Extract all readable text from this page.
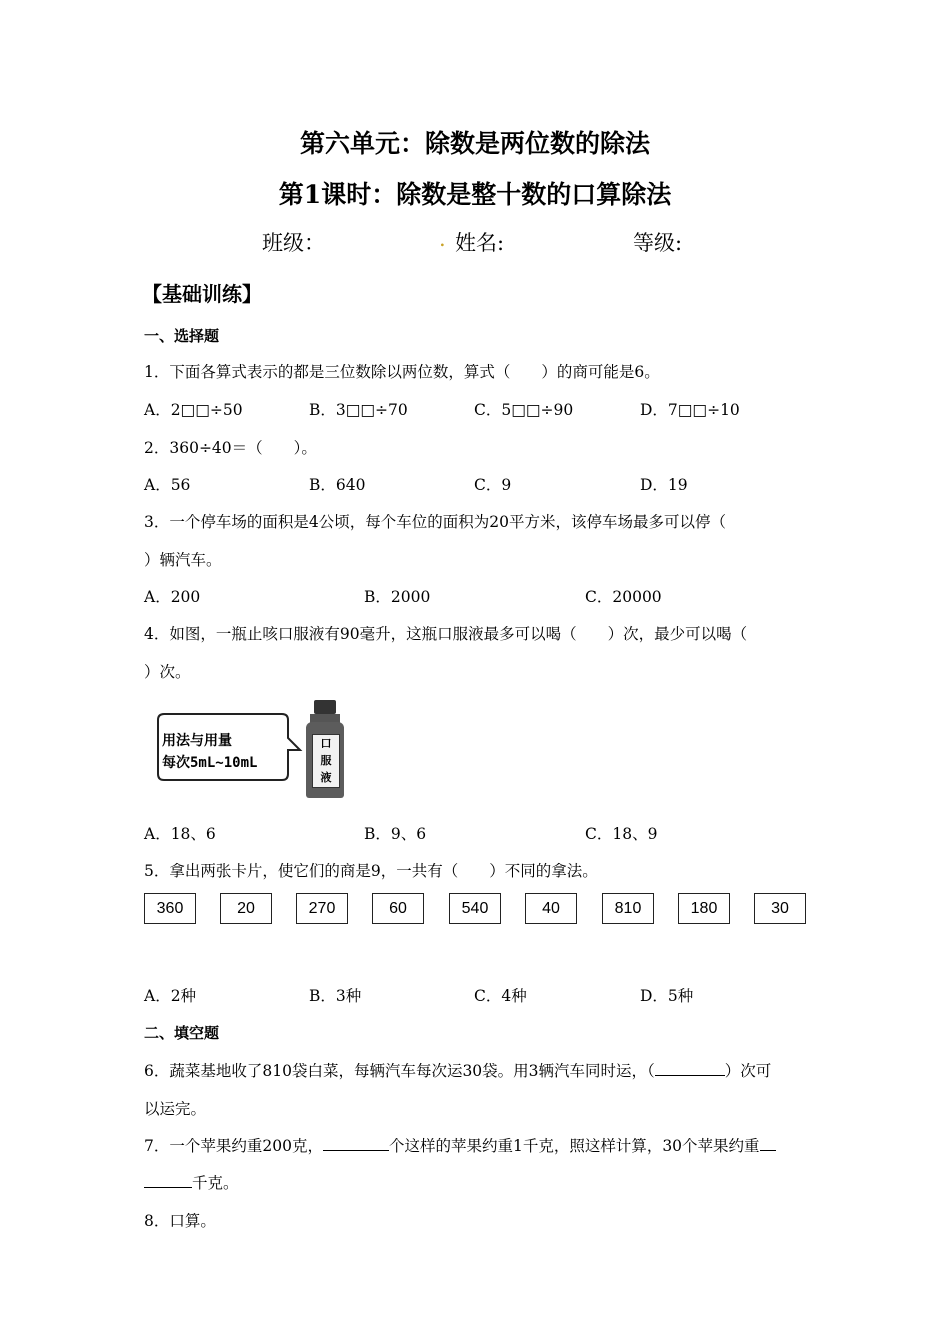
第六单元：除数是两位数的除法
第1课时：除数是整十数的口算除法
班级：	. 姓名:	等级:
【基础训练】
一、选择题
1．下面各算式表示的都是三位数除以两位数，算式（　　）的商可能是6。
A．2□□÷50	B．3□□÷70	C．5□□÷90	D．7□□÷10
2．360÷40＝（　　）。
A．56	B．640	C．9	D．19
3．一个停车场的面积是4公顷，每个车位的面积为20平方米，该停车场最多可以停（
）辆汽车。
A．200	B．2000	C．20000
4．如图，一瓶止咳口服液有90毫升，这瓶口服液最多可以喝（　　）次，最少可以喝（
）次。
用法与用量
每次5mL~10mL
口
服
液
A．18、6	B．9、6	C．18、9
5．拿出两张卡片，使它们的商是9，一共有（　　）不同的拿法。
360	20	270	60	540	40	810	180	30
A．2种	B．3种	C．4种	D．5种
二、填空题
6．蔬菜基地收了810袋白菜，每辆汽车每次运30袋。用3辆汽车同时运，（	）次可
以运完。
7．一个苹果约重200克，	个这样的苹果约重1千克，照这样计算，30个苹果约重
千克。
8．口算。
